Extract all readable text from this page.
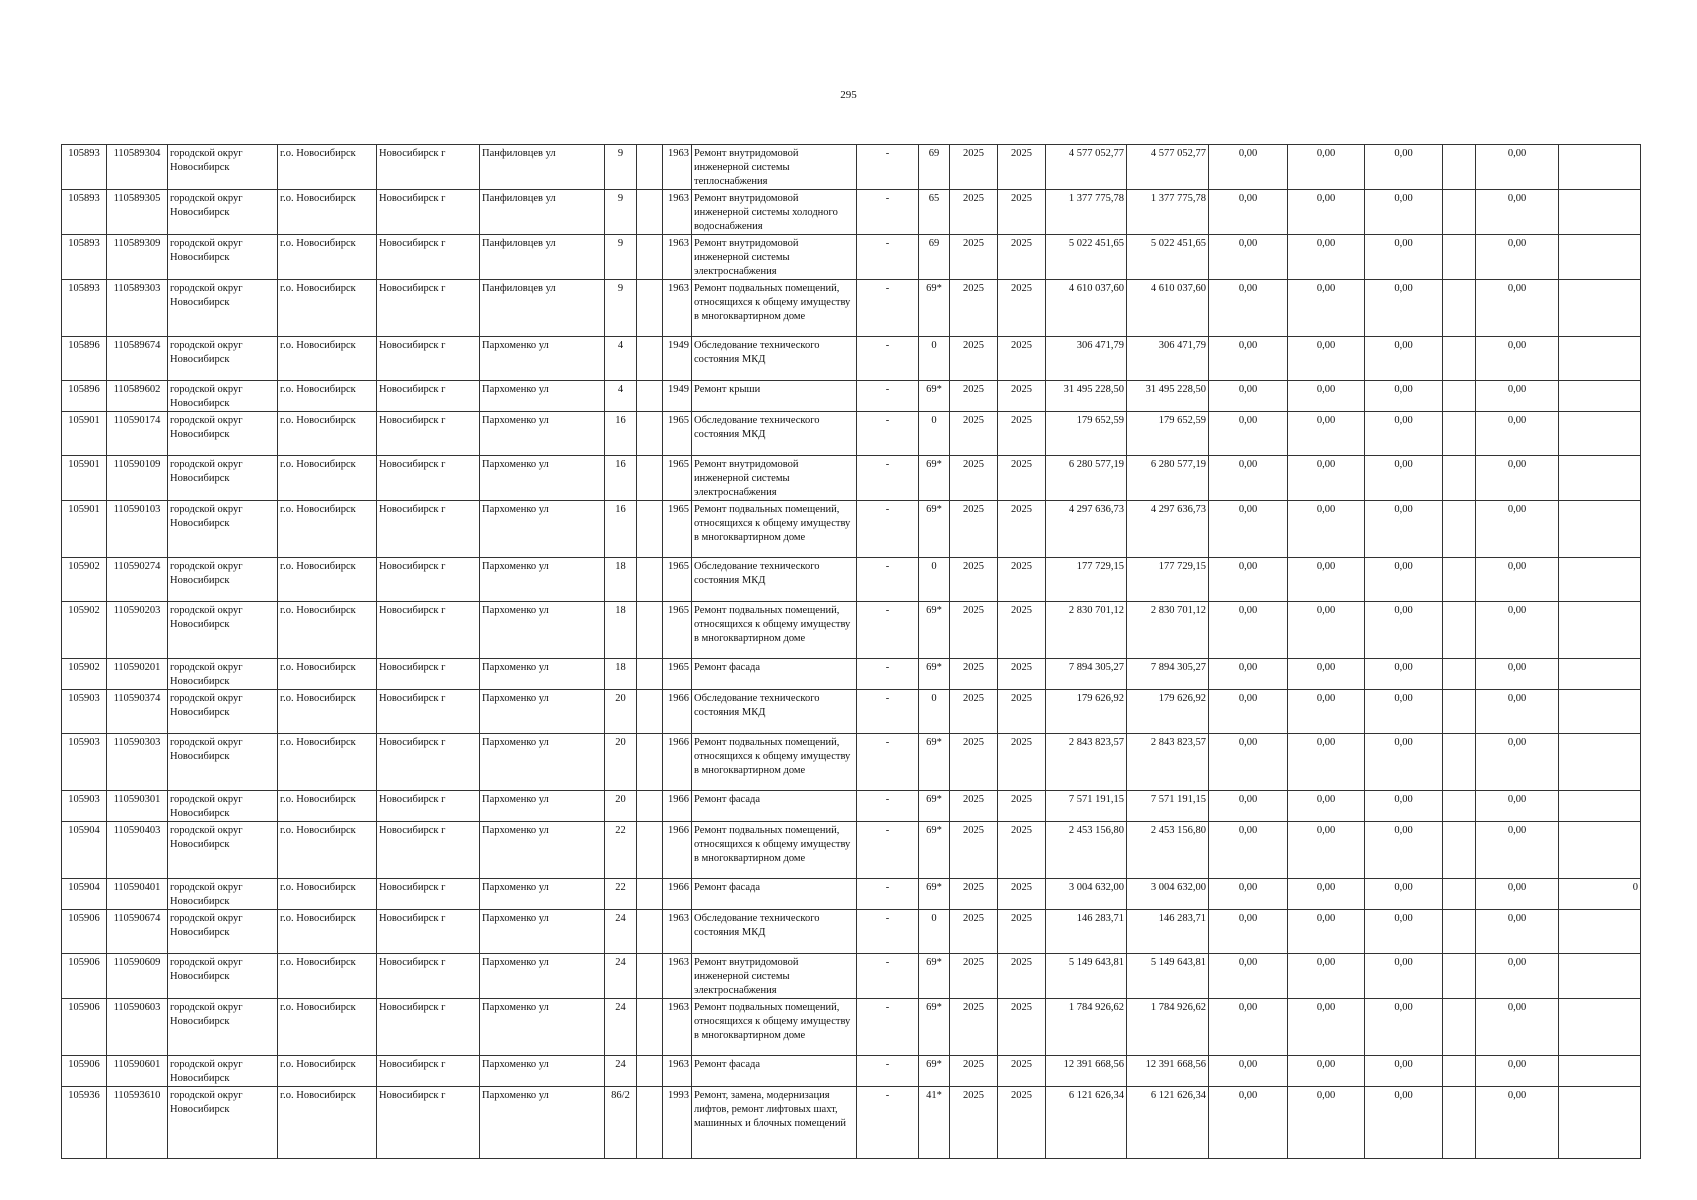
295
105893	110589304	городской округ Новосибирск	г.о. Новосибирск	Новосибирск г	Панфиловцев ул	9		1963	Ремонт внутридомовой инженерной системы теплоснабжения	-	69	2025	2025	4 577 052,77	4 577 052,77	0,00	0,00	0,00		0,00	
105893	110589305	городской округ Новосибирск	г.о. Новосибирск	Новосибирск г	Панфиловцев ул	9		1963	Ремонт внутридомовой инженерной системы холодного водоснабжения	-	65	2025	2025	1 377 775,78	1 377 775,78	0,00	0,00	0,00		0,00	
105893	110589309	городской округ Новосибирск	г.о. Новосибирск	Новосибирск г	Панфиловцев ул	9		1963	Ремонт внутридомовой инженерной системы электроснабжения	-	69	2025	2025	5 022 451,65	5 022 451,65	0,00	0,00	0,00		0,00	
105893	110589303	городской округ Новосибирск	г.о. Новосибирск	Новосибирск г	Панфиловцев ул	9		1963	Ремонт подвальных помещений, относящихся к общему имуществу в многоквартирном доме	-	69*	2025	2025	4 610 037,60	4 610 037,60	0,00	0,00	0,00		0,00	
105896	110589674	городской округ Новосибирск	г.о. Новосибирск	Новосибирск г	Пархоменко ул	4		1949	Обследование технического состояния МКД	-	0	2025	2025	306 471,79	306 471,79	0,00	0,00	0,00		0,00	
105896	110589602	городской округ Новосибирск	г.о. Новосибирск	Новосибирск г	Пархоменко ул	4		1949	Ремонт крыши	-	69*	2025	2025	31 495 228,50	31 495 228,50	0,00	0,00	0,00		0,00	
105901	110590174	городской округ Новосибирск	г.о. Новосибирск	Новосибирск г	Пархоменко ул	16		1965	Обследование технического состояния МКД	-	0	2025	2025	179 652,59	179 652,59	0,00	0,00	0,00		0,00	
105901	110590109	городской округ Новосибирск	г.о. Новосибирск	Новосибирск г	Пархоменко ул	16		1965	Ремонт внутридомовой инженерной системы электроснабжения	-	69*	2025	2025	6 280 577,19	6 280 577,19	0,00	0,00	0,00		0,00	
105901	110590103	городской округ Новосибирск	г.о. Новосибирск	Новосибирск г	Пархоменко ул	16		1965	Ремонт подвальных помещений, относящихся к общему имуществу в многоквартирном доме	-	69*	2025	2025	4 297 636,73	4 297 636,73	0,00	0,00	0,00		0,00	
105902	110590274	городской округ Новосибирск	г.о. Новосибирск	Новосибирск г	Пархоменко ул	18		1965	Обследование технического состояния МКД	-	0	2025	2025	177 729,15	177 729,15	0,00	0,00	0,00		0,00	
105902	110590203	городской округ Новосибирск	г.о. Новосибирск	Новосибирск г	Пархоменко ул	18		1965	Ремонт подвальных помещений, относящихся к общему имуществу в многоквартирном доме	-	69*	2025	2025	2 830 701,12	2 830 701,12	0,00	0,00	0,00		0,00	
105902	110590201	городской округ Новосибирск	г.о. Новосибирск	Новосибирск г	Пархоменко ул	18		1965	Ремонт фасада	-	69*	2025	2025	7 894 305,27	7 894 305,27	0,00	0,00	0,00		0,00	
105903	110590374	городской округ Новосибирск	г.о. Новосибирск	Новосибирск г	Пархоменко ул	20		1966	Обследование технического состояния МКД	-	0	2025	2025	179 626,92	179 626,92	0,00	0,00	0,00		0,00	
105903	110590303	городской округ Новосибирск	г.о. Новосибирск	Новосибирск г	Пархоменко ул	20		1966	Ремонт подвальных помещений, относящихся к общему имуществу в многоквартирном доме	-	69*	2025	2025	2 843 823,57	2 843 823,57	0,00	0,00	0,00		0,00	
105903	110590301	городской округ Новосибирск	г.о. Новосибирск	Новосибирск г	Пархоменко ул	20		1966	Ремонт фасада	-	69*	2025	2025	7 571 191,15	7 571 191,15	0,00	0,00	0,00		0,00	
105904	110590403	городской округ Новосибирск	г.о. Новосибирск	Новосибирск г	Пархоменко ул	22		1966	Ремонт подвальных помещений, относящихся к общему имуществу в многоквартирном доме	-	69*	2025	2025	2 453 156,80	2 453 156,80	0,00	0,00	0,00		0,00	
105904	110590401	городской округ Новосибирск	г.о. Новосибирск	Новосибирск г	Пархоменко ул	22		1966	Ремонт фасада	-	69*	2025	2025	3 004 632,00	3 004 632,00	0,00	0,00	0,00		0,00	0
105906	110590674	городской округ Новосибирск	г.о. Новосибирск	Новосибирск г	Пархоменко ул	24		1963	Обследование технического состояния МКД	-	0	2025	2025	146 283,71	146 283,71	0,00	0,00	0,00		0,00	
105906	110590609	городской округ Новосибирск	г.о. Новосибирск	Новосибирск г	Пархоменко ул	24		1963	Ремонт внутридомовой инженерной системы электроснабжения	-	69*	2025	2025	5 149 643,81	5 149 643,81	0,00	0,00	0,00		0,00	
105906	110590603	городской округ Новосибирск	г.о. Новосибирск	Новосибирск г	Пархоменко ул	24		1963	Ремонт подвальных помещений, относящихся к общему имуществу в многоквартирном доме	-	69*	2025	2025	1 784 926,62	1 784 926,62	0,00	0,00	0,00		0,00	
105906	110590601	городской округ Новосибирск	г.о. Новосибирск	Новосибирск г	Пархоменко ул	24		1963	Ремонт фасада	-	69*	2025	2025	12 391 668,56	12 391 668,56	0,00	0,00	0,00		0,00	
105936	110593610	городской округ Новосибирск	г.о. Новосибирск	Новосибирск г	Пархоменко ул	86/2		1993	Ремонт, замена, модернизация лифтов, ремонт лифтовых шахт, машинных и блочных помещений	-	41*	2025	2025	6 121 626,34	6 121 626,34	0,00	0,00	0,00		0,00	
